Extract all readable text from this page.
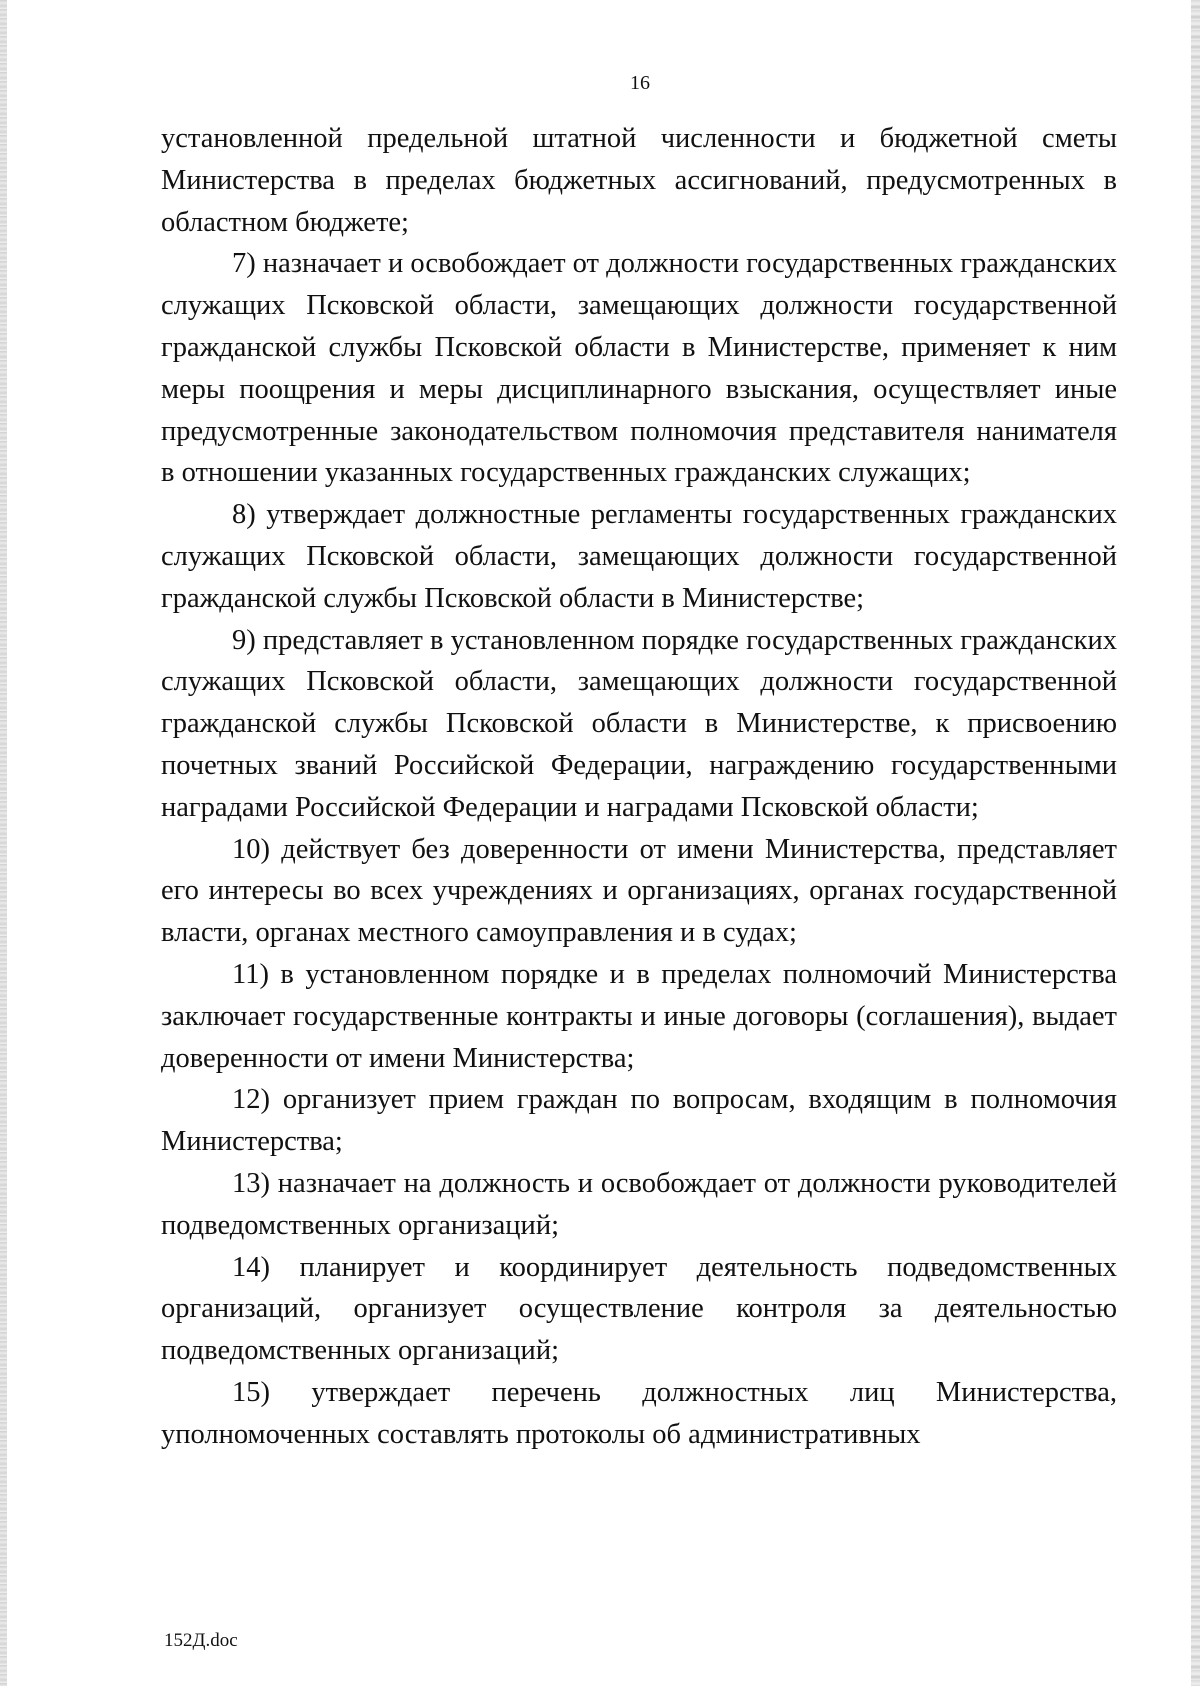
16

установленной предельной штатной численности и бюджетной сметы Министерства в пределах бюджетных ассигнований, предусмотренных в областном бюджете;

7) назначает и освобождает от должности государственных гражданских служащих Псковской области, замещающих должности государственной гражданской службы Псковской области в Министерстве, применяет к ним меры поощрения и меры дисциплинарного взыскания, осуществляет иные предусмотренные законодательством полномочия представителя нанимателя в отношении указанных государственных гражданских служащих;

8) утверждает должностные регламенты государственных гражданских служащих Псковской области, замещающих должности государственной гражданской службы Псковской области в Министерстве;

9) представляет в установленном порядке государственных гражданских служащих Псковской области, замещающих должности государственной гражданской службы Псковской области в Министерстве, к присвоению почетных званий Российской Федерации, награждению государственными наградами Российской Федерации и наградами Псковской области;

10) действует без доверенности от имени Министерства, представляет его интересы во всех учреждениях и организациях, органах государственной власти, органах местного самоуправления и в судах;

11) в установленном порядке и в пределах полномочий Министерства заключает государственные контракты и иные договоры (соглашения), выдает доверенности от имени Министерства;

12) организует прием граждан по вопросам, входящим в полномочия Министерства;

13) назначает на должность и освобождает от должности руководителей подведомственных организаций;

14) планирует и координирует деятельность подведомственных организаций, организует осуществление контроля за деятельностью подведомственных организаций;

15) утверждает перечень должностных лиц Министерства, уполномоченных составлять протоколы об административных

152Д.doc
